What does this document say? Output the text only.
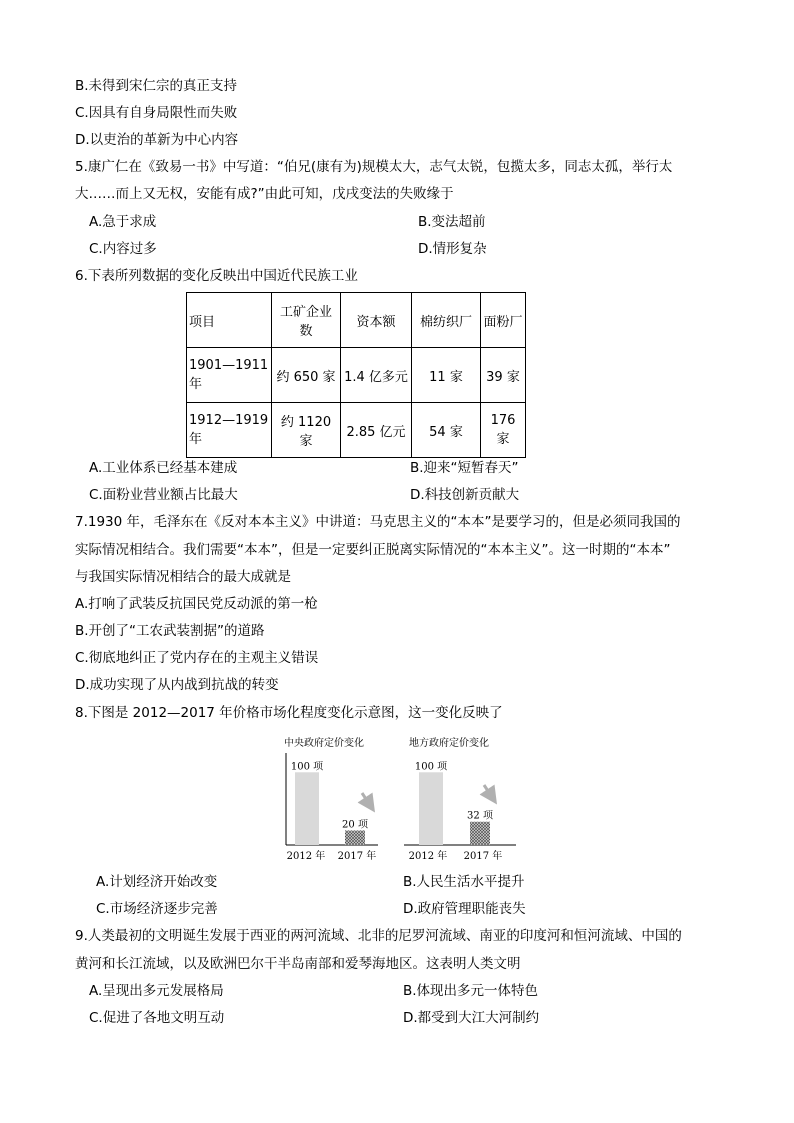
B.未得到宋仁宗的真正支持
C.因具有自身局限性而失败
D.以吏治的革新为中心内容
5.康广仁在《致易一书》中写道：“伯兄(康有为)规模太大，志气太锐，包揽太多，同志太孤，举行太
大……而上又无权，安能有成?”由此可知，戊戌变法的失败缘于
A.急于求成	B.变法超前
C.内容过多	D.情形复杂
6.下表所列数据的变化反映出中国近代民族工业
项目	工矿企业数	资本额	棉纺织厂	面粉厂
1901—1911年	约 650 家	1.4 亿多元	11 家	39 家
1912—1919年	约 1120 家	2.85 亿元	54 家	176 家
A.工业体系已经基本建成	B.迎来“短暂春天”
C.面粉业营业额占比最大	D.科技创新贡献大
7.1930 年，毛泽东在《反对本本主义》中讲道：马克思主义的“本本”是要学习的，但是必须同我国的
实际情况相结合。我们需要“本本”，但是一定要纠正脱离实际情况的“本本主义”。这一时期的“本本”
与我国实际情况相结合的最大成就是
A.打响了武装反抗国民党反动派的第一枪
B.开创了“工农武装割据”的道路
C.彻底地纠正了党内存在的主观主义错误
D.成功实现了从内战到抗战的转变
8.下图是 2012—2017 年价格市场化程度变化示意图，这一变化反映了
中央政府定价变化
100 项
20 项
2012 年 2017 年
地方政府定价变化
100 项
32 项
2012 年 2017 年
A.计划经济开始改变	B.人民生活水平提升
C.市场经济逐步完善	D.政府管理职能丧失
9.人类最初的文明诞生发展于西亚的两河流域、北非的尼罗河流域、南亚的印度河和恒河流域、中国的
黄河和长江流域，以及欧洲巴尔干半岛南部和爱琴海地区。这表明人类文明
A.呈现出多元发展格局	B.体现出多元一体特色
C.促进了各地文明互动	D.都受到大江大河制约
